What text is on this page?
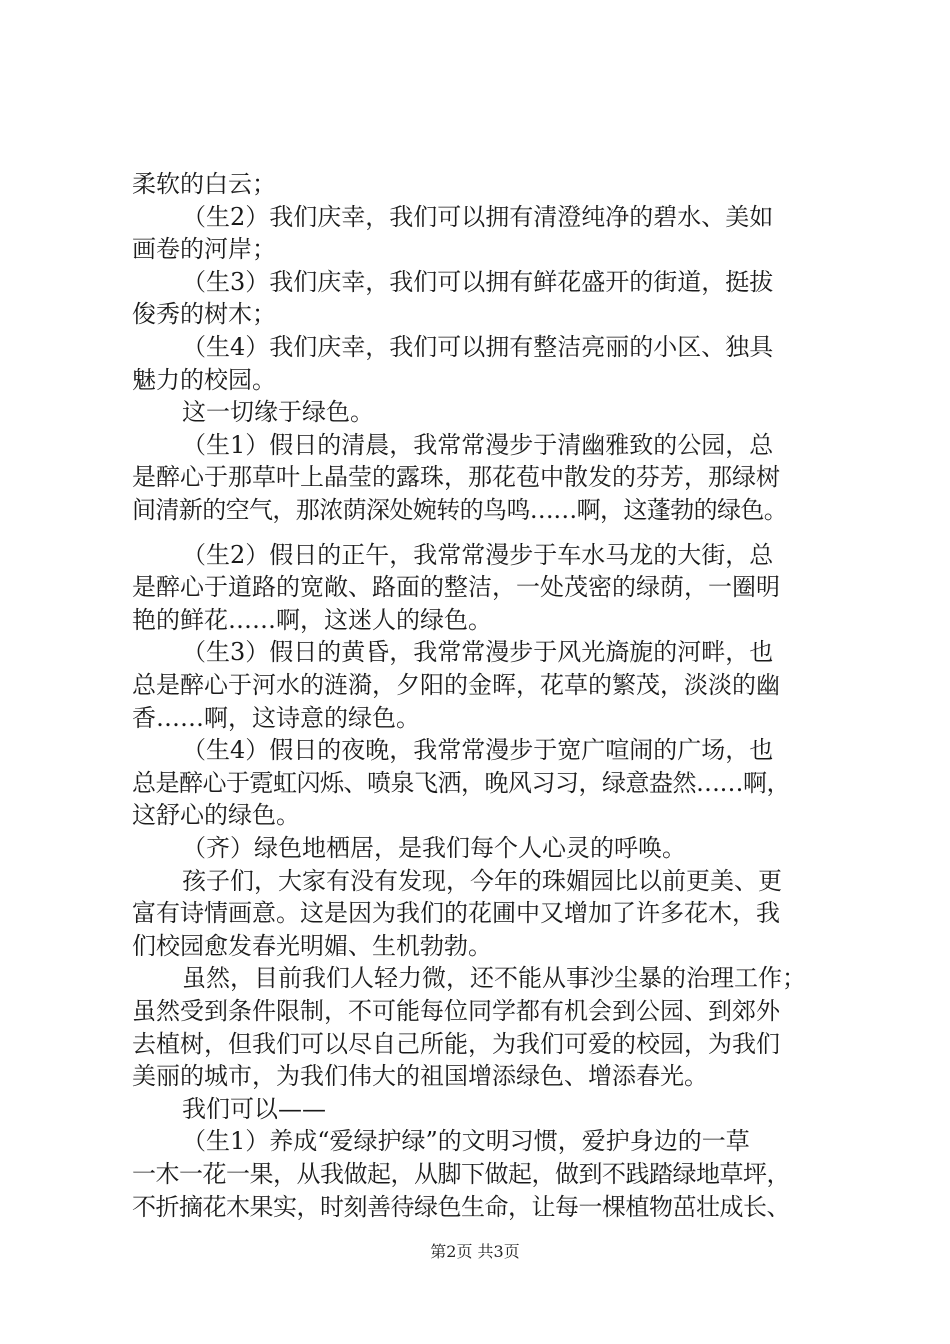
柔软的白云；
（生2）我们庆幸，我们可以拥有清澄纯净的碧水、美如
画卷的河岸；
（生3）我们庆幸，我们可以拥有鲜花盛开的街道，挺拔
俊秀的树木；
（生4）我们庆幸，我们可以拥有整洁亮丽的小区、独具
魅力的校园。
这一切缘于绿色。
（生1）假日的清晨，我常常漫步于清幽雅致的公园，总
是醉心于那草叶上晶莹的露珠，那花苞中散发的芬芳，那绿树
间清新的空气，那浓荫深处婉转的鸟鸣……啊，这蓬勃的绿色。
（生2）假日的正午，我常常漫步于车水马龙的大街，总
是醉心于道路的宽敞、路面的整洁，一处茂密的绿荫，一圈明
艳的鲜花……啊，这迷人的绿色。
（生3）假日的黄昏，我常常漫步于风光旖旎的河畔，也
总是醉心于河水的涟漪，夕阳的金晖，花草的繁茂，淡淡的幽
香……啊，这诗意的绿色。
（生4）假日的夜晚，我常常漫步于宽广喧闹的广场，也
总是醉心于霓虹闪烁、喷泉飞洒，晚风习习，绿意盎然……啊，
这舒心的绿色。
（齐）绿色地栖居，是我们每个人心灵的呼唤。
孩子们，大家有没有发现，今年的珠媚园比以前更美、更
富有诗情画意。这是因为我们的花圃中又增加了许多花木，我
们校园愈发春光明媚、生机勃勃。
虽然，目前我们人轻力微，还不能从事沙尘暴的治理工作；
虽然受到条件限制，不可能每位同学都有机会到公园、到郊外
去植树，但我们可以尽自己所能，为我们可爱的校园，为我们
美丽的城市，为我们伟大的祖国增添绿色、增添春光。
我们可以——
（生1）养成“爱绿护绿”的文明习惯，爱护身边的一草
一木一花一果，从我做起，从脚下做起，做到不践踏绿地草坪，
不折摘花木果实，时刻善待绿色生命，让每一棵植物茁壮成长、
第2页 共3页
